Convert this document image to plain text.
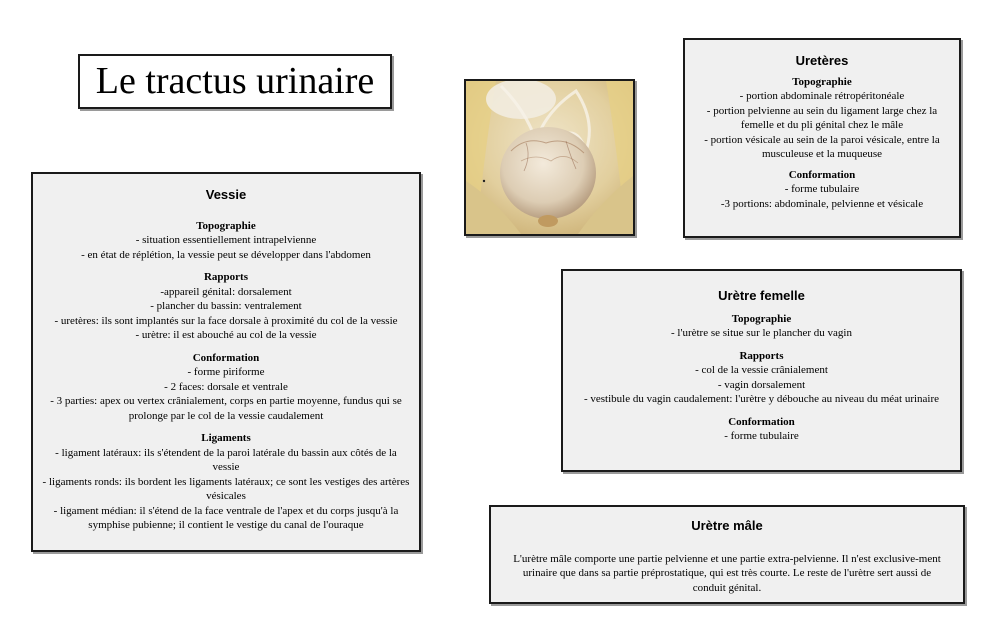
Le tractus urinaire
Vessie
Topographie
- situation essentiellement intrapelvienne
- en état de réplétion, la vessie peut se développer dans l'abdomen
Rapports
-appareil génital: dorsalement
- plancher du bassin: ventralement
- uretères: ils sont implantés sur la face dorsale à proximité du col de la vessie
- urètre: il est abouché au col de la vessie
Conformation
- forme piriforme
- 2 faces: dorsale et ventrale
- 3 parties: apex ou vertex crânialement, corps en partie moyenne, fundus qui se prolonge par le col de la vessie caudalement
Ligaments
- ligament latéraux: ils s'étendent de la paroi latérale du bassin aux côtés de la vessie
- ligaments ronds: ils bordent les ligaments latéraux; ce sont les vestiges des artères vésicales
- ligament médian: il s'étend de la face ventrale de l'apex et du corps jusqu'à la symphise pubienne; il contient le vestige du canal de l'ouraque
Uretères
Topographie
- portion abdominale rétropéritonéale
- portion pelvienne au sein du ligament large chez la femelle et du pli génital chez le mâle
- portion vésicale au sein de la paroi vésicale, entre la musculeuse et la muqueuse
Conformation
- forme tubulaire
-3 portions: abdominale, pelvienne et vésicale
Urètre femelle
Topographie
- l'urètre se situe sur le plancher du vagin
Rapports
- col de la vessie crânialement
- vagin dorsalement
- vestibule du vagin caudalement: l'urètre y débouche au niveau du méat urinaire
Conformation
- forme tubulaire
Urètre mâle

L'urètre mâle comporte une partie pelvienne et une partie extra-pelvienne. Il n'est exclusive-ment urinaire que dans sa partie préprostatique, qui est très courte. Le reste de l'urètre sert aussi de conduit génital.
